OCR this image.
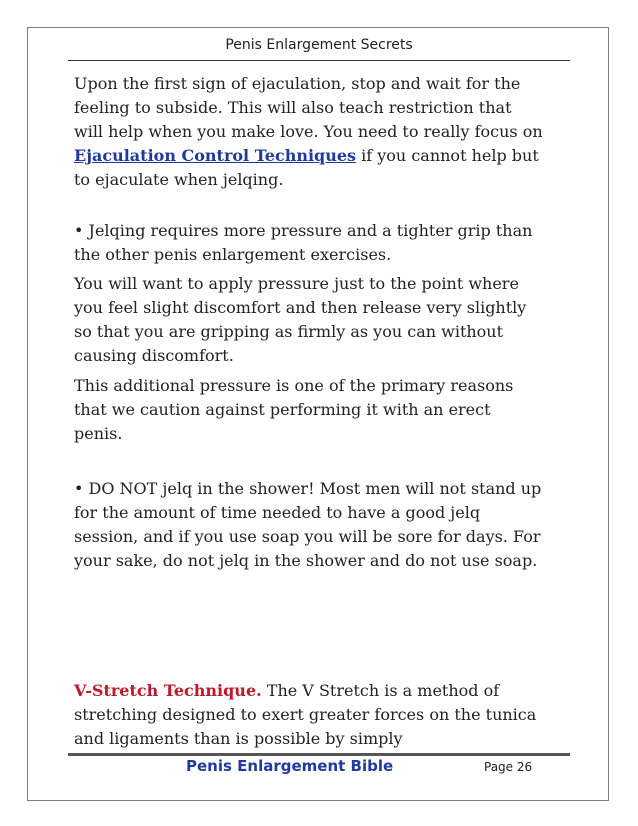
Penis Enlargement Secrets

Upon the first sign of ejaculation, stop and wait for the feeling to subside. This will also teach restriction that will help when you make love. You need to really focus on Ejaculation Control Techniques if you cannot help but to ejaculate when jelqing.

• Jelqing requires more pressure and a tighter grip than the other penis enlargement exercises.

You will want to apply pressure just to the point where you feel slight discomfort and then release very slightly so that you are gripping as firmly as you can without causing discomfort.

This additional pressure is one of the primary reasons that we caution against performing it with an erect penis.

• DO NOT jelq in the shower! Most men will not stand up for the amount of time needed to have a good jelq session, and if you use soap you will be sore for days. For your sake, do not jelq in the shower and do not use soap.

V-Stretch Technique. The V Stretch is a method of stretching designed to exert greater forces on the tunica and ligaments than is possible by simply

Penis Enlargement Bible	Page 26
